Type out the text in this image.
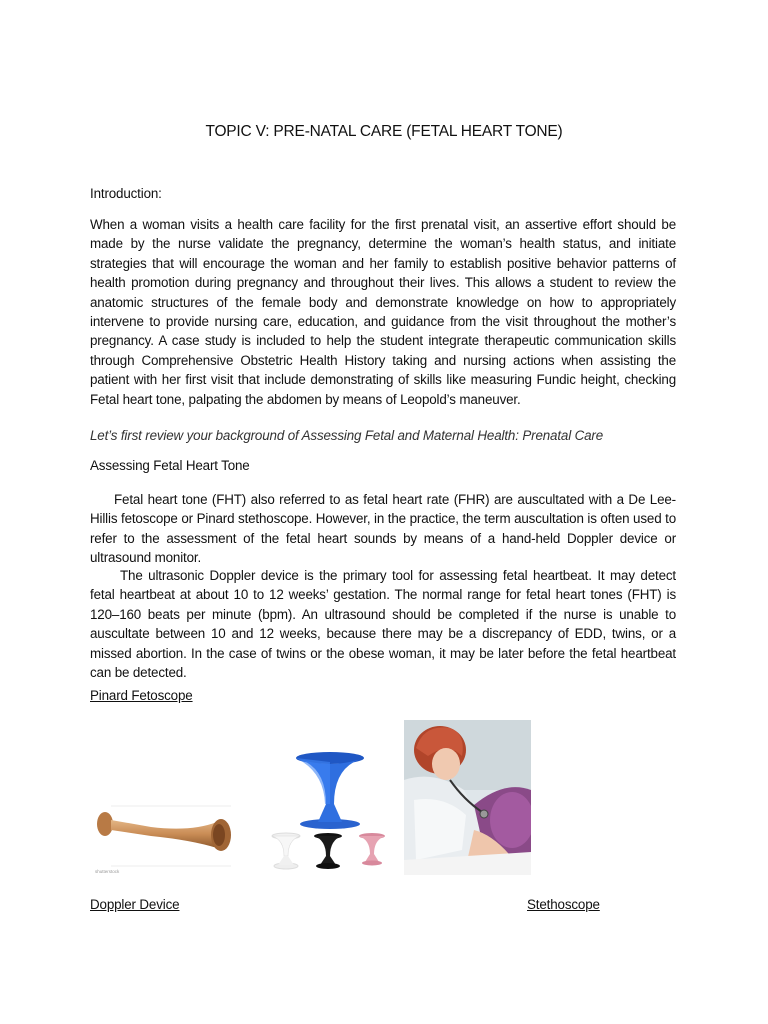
TOPIC V: PRE-NATAL CARE (FETAL HEART TONE)
Introduction:
When a woman visits a health care facility for the first prenatal visit, an assertive effort should be made by the nurse validate the pregnancy, determine the woman’s health status, and initiate strategies that will encourage the woman and her family to establish positive behavior patterns of health promotion during pregnancy and throughout their lives. This allows a student to review the anatomic structures of the female body and demonstrate knowledge on how to appropriately intervene to provide nursing care, education, and guidance from the visit throughout the mother’s pregnancy. A case study is included to help the student integrate therapeutic communication skills through Comprehensive Obstetric Health History taking and nursing actions when assisting the patient with her first visit that include demonstrating of skills like measuring Fundic height, checking Fetal heart tone, palpating the abdomen by means of Leopold’s maneuver.
Let’s first review your background of Assessing Fetal and Maternal Health: Prenatal Care
Assessing Fetal Heart Tone
Fetal heart tone (FHT) also referred to as fetal heart rate (FHR) are auscultated with a De Lee-Hillis fetoscope or Pinard stethoscope. However, in the practice, the term auscultation is often used to refer to the assessment of the fetal heart sounds by means of a hand-held Doppler device or ultrasound monitor.
The ultrasonic Doppler device is the primary tool for assessing fetal heartbeat. It may detect fetal heartbeat at about 10 to 12 weeks’ gestation. The normal range for fetal heart tones (FHT) is 120–160 beats per minute (bpm). An ultrasound should be completed if the nurse is unable to auscultate between 10 and 12 weeks, because there may be a discrepancy of EDD, twins, or a missed abortion. In the case of twins or the obese woman, it may be later before the fetal heartbeat can be detected.
Pinard Fetoscope
shutterstock
Doppler Device	Stethoscope
